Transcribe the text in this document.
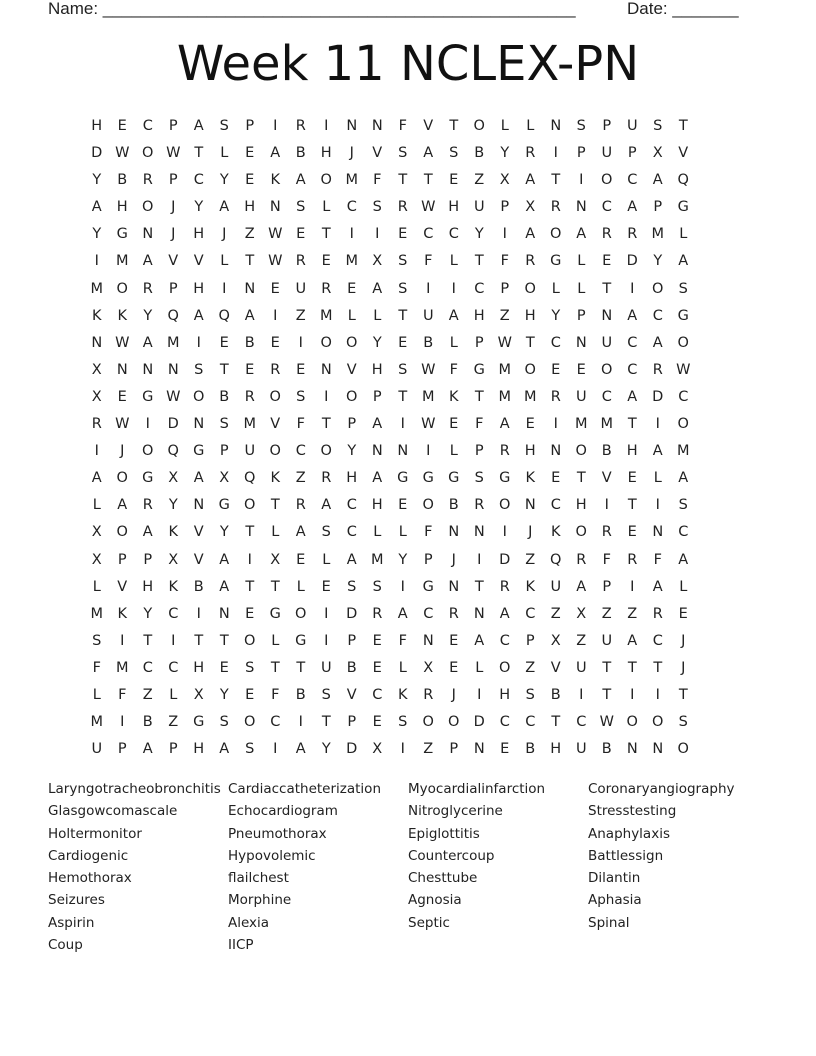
Name: __________________________________________________	Date: _______
Week 11 NCLEX-PN
H	E	C	P	A	S	P	I	R	I	N	N	F	V	T	O	L	L	N	S	P	U	S	T
D W O W T	L	E	A	B	H	J	V	S	A	S	B	Y	R	I	P	U	P	X	V
Y	B	R	P	C	Y	E	K	A	O M	F	T	T	E	Z	X	A	T	I	O	C	A	Q
A	H O	J	Y	A	H	N	S	L	C	S	R W H	U	P	X	R	N	C	A	P	G
Y	G N	J	H	J	Z W E	T	I	I	E	C	C	Y	I	A	O	A	R	R M	L
I	M A	V	V	L	T W R	E	M X	S	F	L	T	F	R	G	L	E	D	Y	A
M O	R	P	H	I	N	E	U	R	E	A	S	I	I	C	P	O	L	L	T	I	O	S
K	K	Y	Q	A	Q	A	I	Z M	L	L	T	U	A	H	Z	H	Y	P	N	A	C	G
N W A M	I	E	B	E	I	O O	Y	E	B	L	P W T	C	N	U	C	A	O
X	N	N	N	S	T	E	R	E	N	V	H	S W F	G M O	E	E	O	C	R W
X	E	G W O	B	R	O	S	I	O	P	T	M K	T	M M R	U	C	A	D	C
R W	I	D N	S	M V	F	T	P	A	I	W E	F	A	E	I	M M	T	I	O
I	J	O Q G	P	U O	C	O	Y	N	N	I	L	P	R	H	N O	B	H	A M
A	O G	X	A	X	Q	K	Z	R	H	A	G G G	S	G	K	E	T	V	E	L	A
L	A	R	Y	N G O	T	R	A	C	H	E	O	B	R	O N	C	H	I	T	I	S
X	O	A	K	V	Y	T	L	A	S	C	L	L	F	N	N	I	J	K	O	R	E	N	C
X	P	P	X	V	A	I	X	E	L	A M	Y	P	J	I	D	Z	Q	R	F	R	F	A
L	V	H	K	B	A	T	T	L	E	S	S	I	G N	T	R	K	U	A	P	I	A	L
M K	Y	C	I	N	E	G O	I	D	R	A	C	R	N	A	C	Z	X	Z	Z	R	E
S	I	T	I	T	T	O	L	G	I	P	E	F	N	E	A	C	P	X	Z	U	A	C	J
F	M C	C	H	E	S	T	T	U	B	E	L	X	E	L	O	Z	V	U	T	T	T	J
L	F	Z	L	X	Y	E	F	B	S	V	C	K	R	J	I	H	S	B	I	T	I	I	T
M	I	B	Z	G	S	O	C	I	T	P	E	S	O O D	C	C	T	C W O O	S
U	P	A	P	H	A	S	I	A	Y	D	X	I	Z	P	N	E	B	H	U	B	N	N O
Laryngotracheobronchitis
Glasgowcomascale
Holtermonitor
Cardiogenic
Hemothorax
Seizures
Aspirin
Coup
Cardiaccatheterization
Echocardiogram
Pneumothorax
Hypovolemic
flailchest
Morphine
Alexia
IICP
Myocardialinfarction
Nitroglycerine
Epiglottitis
Countercoup
Chesttube
Agnosia
Septic
Coronaryangiography
Stresstesting
Anaphylaxis
Battlessign
Dilantin
Aphasia
Spinal
